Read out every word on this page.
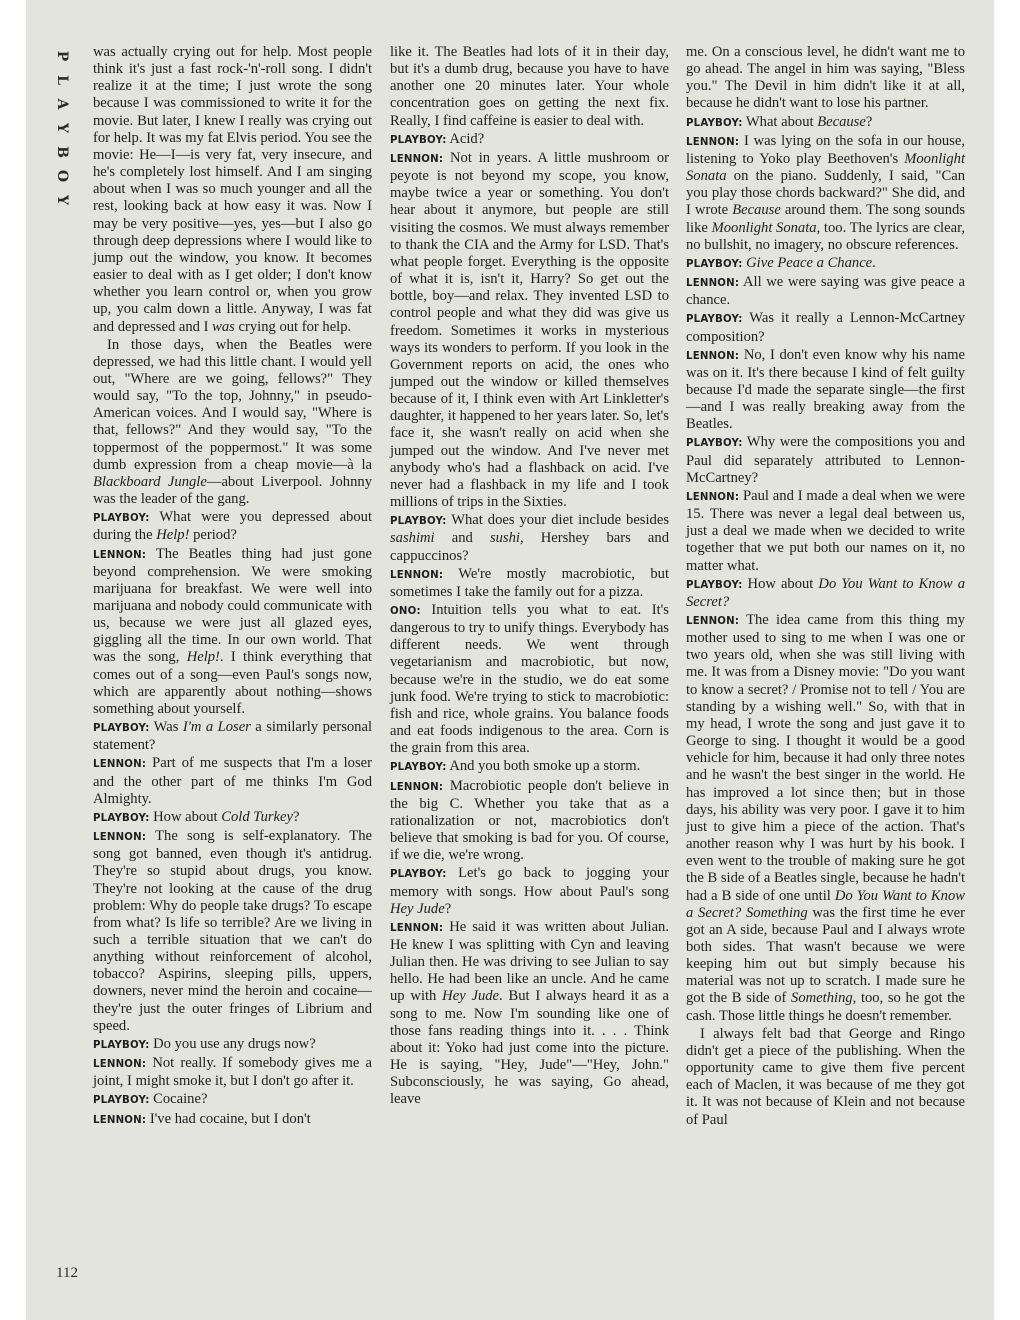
P
L
A
Y
B
O
Y

was actually crying out for help. Most people think it's just a fast rock-'n'-roll song. I didn't realize it at the time; I just wrote the song because I was commissioned to write it for the movie. But later, I knew I really was crying out for help. It was my fat Elvis period. You see the movie: He—I—is very fat, very insecure, and he's completely lost himself. And I am singing about when I was so much younger and all the rest, looking back at how easy it was. Now I may be very positive—yes, yes—but I also go through deep depressions where I would like to jump out the window, you know. It becomes easier to deal with as I get older; I don't know whether you learn control or, when you grow up, you calm down a little. Anyway, I was fat and depressed and I was crying out for help.

In those days, when the Beatles were depressed, we had this little chant. I would yell out, "Where are we going, fellows?" They would say, "To the top, Johnny," in pseudo-American voices. And I would say, "Where is that, fellows?" And they would say, "To the toppermost of the poppermost." It was some dumb expression from a cheap movie—à la Blackboard Jungle—about Liverpool. Johnny was the leader of the gang.

PLAYBOY: What were you depressed about during the Help! period?

LENNON: The Beatles thing had just gone beyond comprehension. We were smoking marijuana for breakfast. We were well into marijuana and nobody could communicate with us, because we were just all glazed eyes, giggling all the time. In our own world. That was the song, Help!. I think everything that comes out of a song—even Paul's songs now, which are apparently about nothing—shows something about yourself.

PLAYBOY: Was I'm a Loser a similarly personal statement?

LENNON: Part of me suspects that I'm a loser and the other part of me thinks I'm God Almighty.

PLAYBOY: How about Cold Turkey?

LENNON: The song is self-explanatory. The song got banned, even though it's antidrug. They're so stupid about drugs, you know. They're not looking at the cause of the drug problem: Why do people take drugs? To escape from what? Is life so terrible? Are we living in such a terrible situation that we can't do anything without reinforcement of alcohol, tobacco? Aspirins, sleeping pills, uppers, downers, never mind the heroin and cocaine—they're just the outer fringes of Librium and speed.

PLAYBOY: Do you use any drugs now?

LENNON: Not really. If somebody gives me a joint, I might smoke it, but I don't go after it.

PLAYBOY: Cocaine?

LENNON: I've had cocaine, but I don't

like it. The Beatles had lots of it in their day, but it's a dumb drug, because you have to have another one 20 minutes later. Your whole concentration goes on getting the next fix. Really, I find caffeine is easier to deal with.

PLAYBOY: Acid?

LENNON: Not in years. A little mushroom or peyote is not beyond my scope, you know, maybe twice a year or something. You don't hear about it anymore, but people are still visiting the cosmos. We must always remember to thank the CIA and the Army for LSD. That's what people forget. Everything is the opposite of what it is, isn't it, Harry? So get out the bottle, boy—and relax. They invented LSD to control people and what they did was give us freedom. Sometimes it works in mysterious ways its wonders to perform. If you look in the Government reports on acid, the ones who jumped out the window or killed themselves because of it, I think even with Art Linkletter's daughter, it happened to her years later. So, let's face it, she wasn't really on acid when she jumped out the window. And I've never met anybody who's had a flashback on acid. I've never had a flashback in my life and I took millions of trips in the Sixties.

PLAYBOY: What does your diet include besides sashimi and sushi, Hershey bars and cappuccinos?

LENNON: We're mostly macrobiotic, but sometimes I take the family out for a pizza.

ONO: Intuition tells you what to eat. It's dangerous to try to unify things. Everybody has different needs. We went through vegetarianism and macrobiotic, but now, because we're in the studio, we do eat some junk food. We're trying to stick to macrobiotic: fish and rice, whole grains. You balance foods and eat foods indigenous to the area. Corn is the grain from this area.

PLAYBOY: And you both smoke up a storm.

LENNON: Macrobiotic people don't believe in the big C. Whether you take that as a rationalization or not, macrobiotics don't believe that smoking is bad for you. Of course, if we die, we're wrong.

PLAYBOY: Let's go back to jogging your memory with songs. How about Paul's song Hey Jude?

LENNON: He said it was written about Julian. He knew I was splitting with Cyn and leaving Julian then. He was driving to see Julian to say hello. He had been like an uncle. And he came up with Hey Jude. But I always heard it as a song to me. Now I'm sounding like one of those fans reading things into it. . . . Think about it: Yoko had just come into the picture. He is saying, "Hey, Jude"—"Hey, John." Subconsciously, he was saying, Go ahead, leave

me. On a conscious level, he didn't want me to go ahead. The angel in him was saying, "Bless you." The Devil in him didn't like it at all, because he didn't want to lose his partner.

PLAYBOY: What about Because?

LENNON: I was lying on the sofa in our house, listening to Yoko play Beethoven's Moonlight Sonata on the piano. Suddenly, I said, "Can you play those chords backward?" She did, and I wrote Because around them. The song sounds like Moonlight Sonata, too. The lyrics are clear, no bullshit, no imagery, no obscure references.

PLAYBOY: Give Peace a Chance.

LENNON: All we were saying was give peace a chance.

PLAYBOY: Was it really a Lennon-McCartney composition?

LENNON: No, I don't even know why his name was on it. It's there because I kind of felt guilty because I'd made the separate single—the first—and I was really breaking away from the Beatles.

PLAYBOY: Why were the compositions you and Paul did separately attributed to Lennon-McCartney?

LENNON: Paul and I made a deal when we were 15. There was never a legal deal between us, just a deal we made when we decided to write together that we put both our names on it, no matter what.

PLAYBOY: How about Do You Want to Know a Secret?

LENNON: The idea came from this thing my mother used to sing to me when I was one or two years old, when she was still living with me. It was from a Disney movie: "Do you want to know a secret? / Promise not to tell / You are standing by a wishing well." So, with that in my head, I wrote the song and just gave it to George to sing. I thought it would be a good vehicle for him, because it had only three notes and he wasn't the best singer in the world. He has improved a lot since then; but in those days, his ability was very poor. I gave it to him just to give him a piece of the action. That's another reason why I was hurt by his book. I even went to the trouble of making sure he got the B side of a Beatles single, because he hadn't had a B side of one until Do You Want to Know a Secret? Something was the first time he ever got an A side, because Paul and I always wrote both sides. That wasn't because we were keeping him out but simply because his material was not up to scratch. I made sure he got the B side of Something, too, so he got the cash. Those little things he doesn't remember.

I always felt bad that George and Ringo didn't get a piece of the publishing. When the opportunity came to give them five percent each of Maclen, it was because of me they got it. It was not because of Klein and not because of Paul

112
